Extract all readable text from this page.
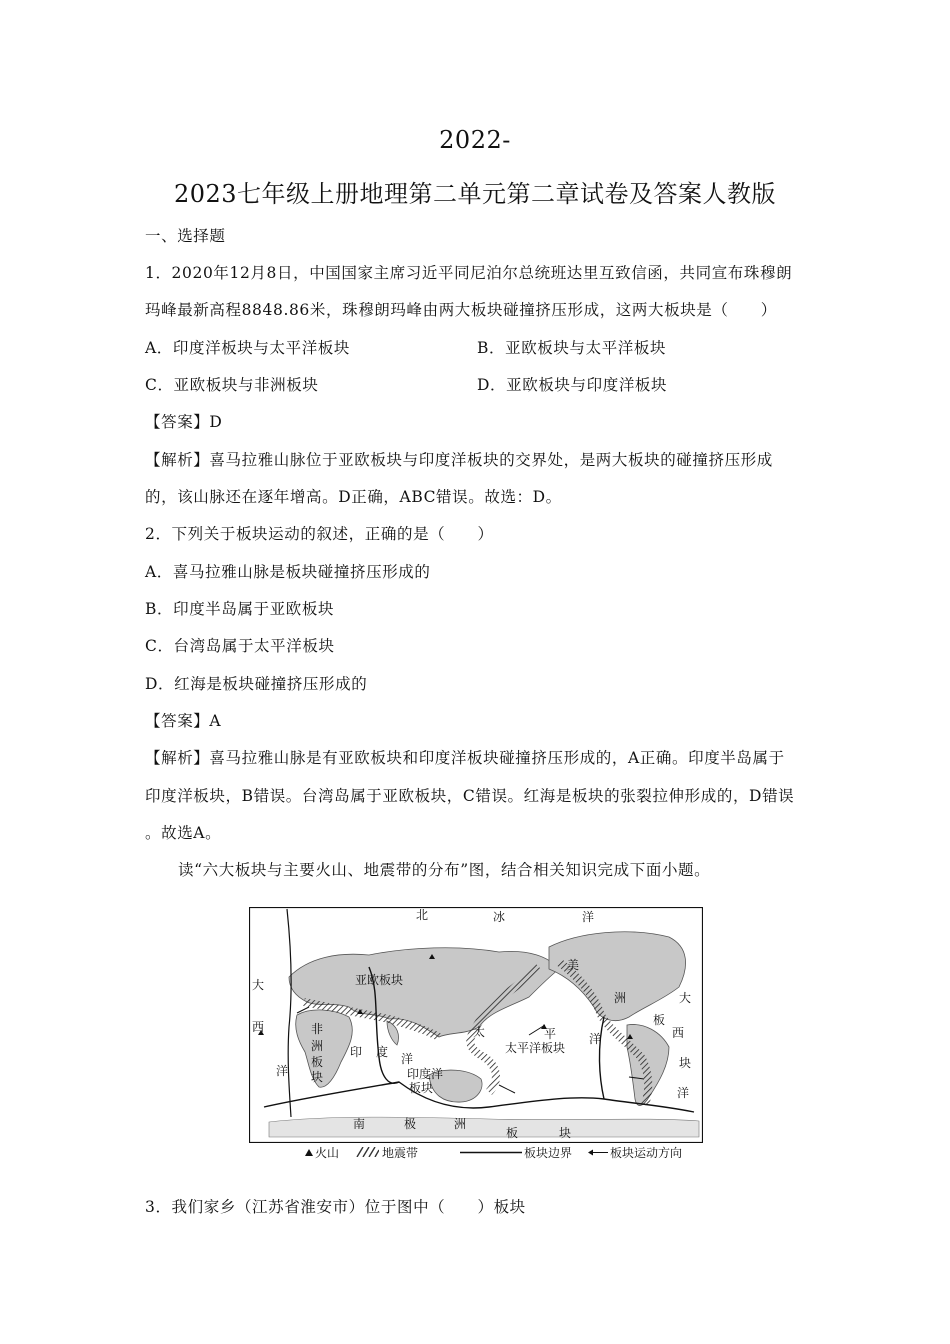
2022-
2023七年级上册地理第二单元第二章试卷及答案人教版
一、选择题
1．2020年12月8日，中国国家主席习近平同尼泊尔总统班达里互致信函，共同宣布珠穆朗
玛峰最新高程8848.86米，珠穆朗玛峰由两大板块碰撞挤压形成，这两大板块是（　　）
A．印度洋板块与太平洋板块	B．亚欧板块与太平洋板块
C．亚欧板块与非洲板块	D．亚欧板块与印度洋板块
【答案】D
【解析】喜马拉雅山脉位于亚欧板块与印度洋板块的交界处，是两大板块的碰撞挤压形成
的，该山脉还在逐年增高。D正确，ABC错误。故选：D。
2．下列关于板块运动的叙述，正确的是（　　）
A．喜马拉雅山脉是板块碰撞挤压形成的
B．印度半岛属于亚欧板块
C．台湾岛属于太平洋板块
D．红海是板块碰撞挤压形成的
【答案】A
【解析】喜马拉雅山脉是有亚欧板块和印度洋板块碰撞挤压形成的，A正确。印度半岛属于
印度洋板块，B错误。台湾岛属于亚欧板块，C错误。红海是板块的张裂拉伸形成的，D错误
。故选A。
读“六大板块与主要火山、地震带的分布”图，结合相关知识完成下面小题。
北	冰	洋
亚欧板块
美
洲	大
大
西
洋
非
洲
板
块
印 度 洋
印度洋
板块
太	平
太平洋板块
洋
板
西
块
洋
南	极	洲
板	块
火山	地震带	板块边界	板块运动方向
3．我们家乡（江苏省淮安市）位于图中（　　）板块
